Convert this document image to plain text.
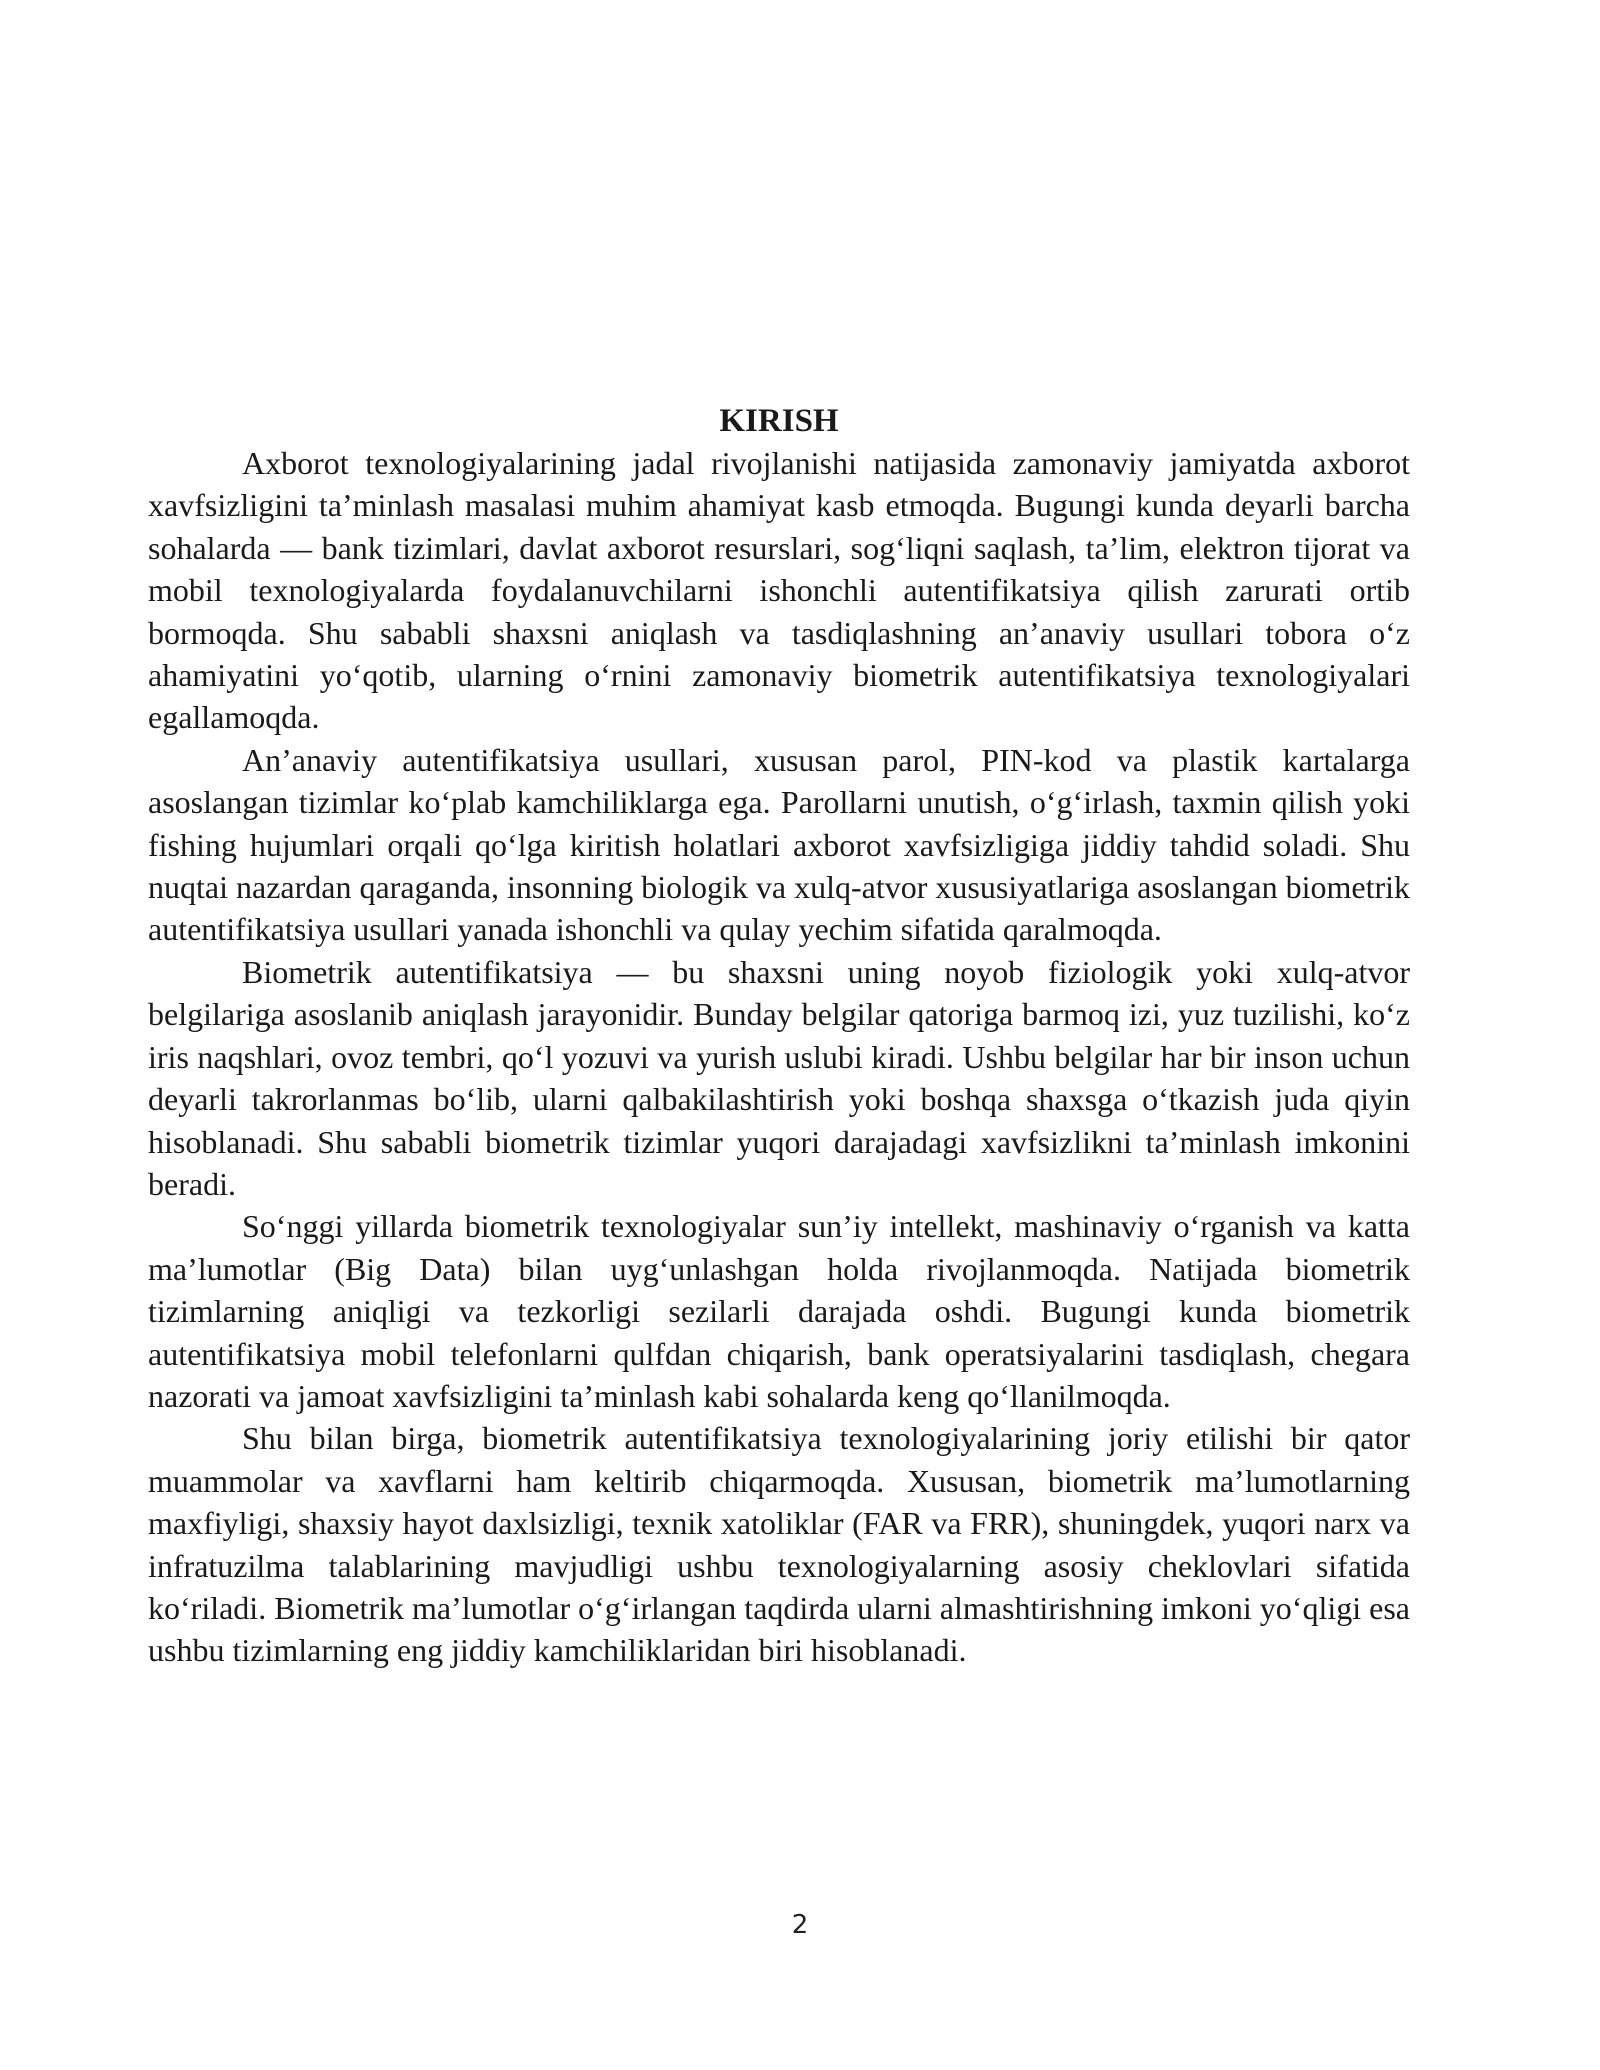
KIRISH

Axborot texnologiyalarining jadal rivojlanishi natijasida zamonaviy jamiyatda axborot xavfsizligini ta’minlash masalasi muhim ahamiyat kasb etmoqda. Bugungi kunda deyarli barcha sohalarda — bank tizimlari, davlat axborot resurslari, sog‘liqni saqlash, ta’lim, elektron tijorat va mobil texnologiyalarda foydalanuvchilarni ishonchli autentifikatsiya qilish zarurati ortib bormoqda. Shu sababli shaxsni aniqlash va tasdiqlashning an’anaviy usullari tobora o‘z ahamiyatini yo‘qotib, ularning o‘rnini zamonaviy biometrik autentifikatsiya texnologiyalari egallamoqda.

An’anaviy autentifikatsiya usullari, xususan parol, PIN-kod va plastik kartalarga asoslangan tizimlar ko‘plab kamchiliklarga ega. Parollarni unutish, o‘g‘irlash, taxmin qilish yoki fishing hujumlari orqali qo‘lga kiritish holatlari axborot xavfsizligiga jiddiy tahdid soladi. Shu nuqtai nazardan qaraganda, insonning biologik va xulq-atvor xususiyatlariga asoslangan biometrik autentifikatsiya usullari yanada ishonchli va qulay yechim sifatida qaralmoqda.

Biometrik autentifikatsiya — bu shaxsni uning noyob fiziologik yoki xulq-atvor belgilariga asoslanib aniqlash jarayonidir. Bunday belgilar qatoriga barmoq izi, yuz tuzilishi, ko‘z iris naqshlari, ovoz tembri, qo‘l yozuvi va yurish uslubi kiradi. Ushbu belgilar har bir inson uchun deyarli takrorlanmas bo‘lib, ularni qalbakilashtirish yoki boshqa shaxsga o‘tkazish juda qiyin hisoblanadi. Shu sababli biometrik tizimlar yuqori darajadagi xavfsizlikni ta’minlash imkonini beradi.

So‘nggi yillarda biometrik texnologiyalar sun’iy intellekt, mashinaviy o‘rganish va katta ma’lumotlar (Big Data) bilan uyg‘unlashgan holda rivojlanmoqda. Natijada biometrik tizimlarning aniqligi va tezkorligi sezilarli darajada oshdi. Bugungi kunda biometrik autentifikatsiya mobil telefonlarni qulfdan chiqarish, bank operatsiyalarini tasdiqlash, chegara nazorati va jamoat xavfsizligini ta’minlash kabi sohalarda keng qo‘llanilmoqda.

Shu bilan birga, biometrik autentifikatsiya texnologiyalarining joriy etilishi bir qator muammolar va xavflarni ham keltirib chiqarmoqda. Xususan, biometrik ma’lumotlarning maxfiyligi, shaxsiy hayot daxlsizligi, texnik xatoliklar (FAR va FRR), shuningdek, yuqori narx va infratuzilma talablarining mavjudligi ushbu texnologiyalarning asosiy cheklovlari sifatida ko‘riladi. Biometrik ma’lumotlar o‘g‘irlangan taqdirda ularni almashtirishning imkoni yo‘qligi esa ushbu tizimlarning eng jiddiy kamchiliklaridan biri hisoblanadi.

2
